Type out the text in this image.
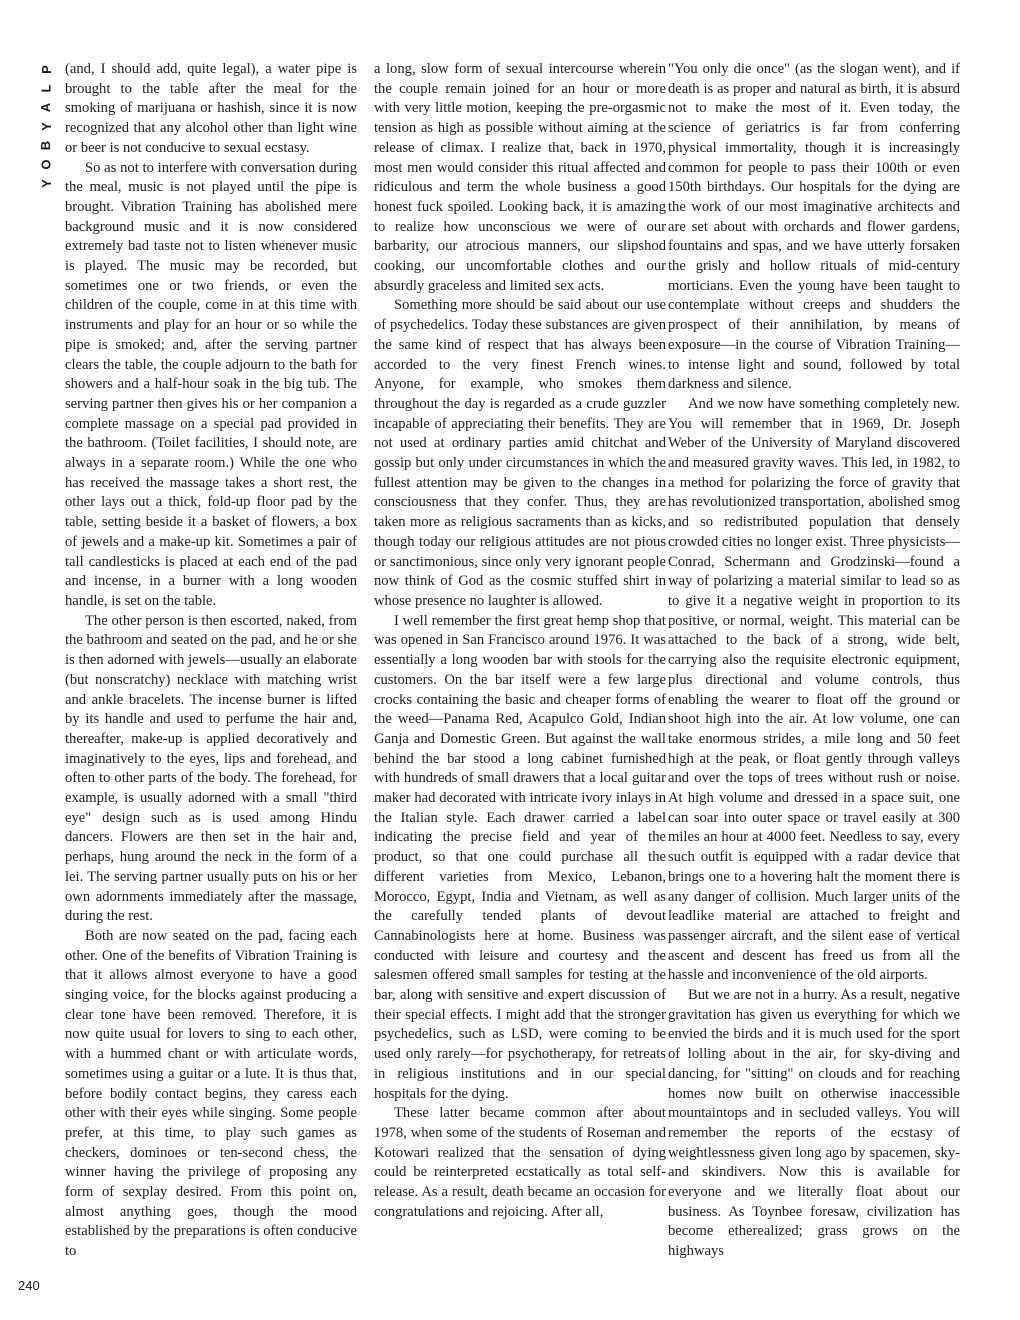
P
L
A
Y
B
O
Y

(and, I should add, quite legal), a water pipe is brought to the table after the meal for the smoking of marijuana or hashish, since it is now recognized that any alcohol other than light wine or beer is not conducive to sexual ecstasy.

So as not to interfere with conversation during the meal, music is not played until the pipe is brought. Vibration Training has abolished mere background music and it is now considered extremely bad taste not to listen whenever music is played. The music may be recorded, but sometimes one or two friends, or even the children of the couple, come in at this time with instruments and play for an hour or so while the pipe is smoked; and, after the serving partner clears the table, the couple adjourn to the bath for showers and a half-hour soak in the big tub. The serving partner then gives his or her companion a complete massage on a special pad provided in the bathroom. (Toilet facilities, I should note, are always in a separate room.) While the one who has received the massage takes a short rest, the other lays out a thick, fold-up floor pad by the table, setting beside it a basket of flowers, a box of jewels and a make-up kit. Sometimes a pair of tall candlesticks is placed at each end of the pad and incense, in a burner with a long wooden handle, is set on the table.

The other person is then escorted, naked, from the bathroom and seated on the pad, and he or she is then adorned with jewels—usually an elaborate (but nonscratchy) necklace with matching wrist and ankle bracelets. The incense burner is lifted by its handle and used to perfume the hair and, thereafter, make-up is applied decoratively and imaginatively to the eyes, lips and forehead, and often to other parts of the body. The forehead, for example, is usually adorned with a small "third eye" design such as is used among Hindu dancers. Flowers are then set in the hair and, perhaps, hung around the neck in the form of a lei. The serving partner usually puts on his or her own adornments immediately after the massage, during the rest.

Both are now seated on the pad, facing each other. One of the benefits of Vibration Training is that it allows almost everyone to have a good singing voice, for the blocks against producing a clear tone have been removed. Therefore, it is now quite usual for lovers to sing to each other, with a hummed chant or with articulate words, sometimes using a guitar or a lute. It is thus that, before bodily contact begins, they caress each other with their eyes while singing. Some people prefer, at this time, to play such games as checkers, dominoes or ten-second chess, the winner having the privilege of proposing any form of sexplay desired. From this point on, almost anything goes, though the mood established by the preparations is often conducive to

a long, slow form of sexual intercourse wherein the couple remain joined for an hour or more with very little motion, keeping the pre-orgasmic tension as high as possible without aiming at the release of climax. I realize that, back in 1970, most men would consider this ritual affected and ridiculous and term the whole business a good honest fuck spoiled. Looking back, it is amazing to realize how unconscious we were of our barbarity, our atrocious manners, our slipshod cooking, our uncomfortable clothes and our absurdly graceless and limited sex acts.

Something more should be said about our use of psychedelics. Today these substances are given the same kind of respect that has always been accorded to the very finest French wines. Anyone, for example, who smokes them throughout the day is regarded as a crude guzzler incapable of appreciating their benefits. They are not used at ordinary parties amid chitchat and gossip but only under circumstances in which the fullest attention may be given to the changes in consciousness that they confer. Thus, they are taken more as religious sacraments than as kicks, though today our religious attitudes are not pious or sanctimonious, since only very ignorant people now think of God as the cosmic stuffed shirt in whose presence no laughter is allowed.

I well remember the first great hemp shop that was opened in San Francisco around 1976. It was essentially a long wooden bar with stools for the customers. On the bar itself were a few large crocks containing the basic and cheaper forms of the weed—Panama Red, Acapulco Gold, Indian Ganja and Domestic Green. But against the wall behind the bar stood a long cabinet furnished with hundreds of small drawers that a local guitar maker had decorated with intricate ivory inlays in the Italian style. Each drawer carried a label indicating the precise field and year of the product, so that one could purchase all the different varieties from Mexico, Lebanon, Morocco, Egypt, India and Vietnam, as well as the carefully tended plants of devout Cannabinologists here at home. Business was conducted with leisure and courtesy and the salesmen offered small samples for testing at the bar, along with sensitive and expert discussion of their special effects. I might add that the stronger psychedelics, such as LSD, were coming to be used only rarely—for psychotherapy, for retreats in religious institutions and in our special hospitals for the dying.

These latter became common after about 1978, when some of the students of Roseman and Kotowari realized that the sensation of dying could be reinterpreted ecstatically as total self-release. As a result, death became an occasion for congratulations and rejoicing. After all,

"You only die once" (as the slogan went), and if death is as proper and natural as birth, it is absurd not to make the most of it. Even today, the science of geriatrics is far from conferring physical immortality, though it is increasingly common for people to pass their 100th or even 150th birthdays. Our hospitals for the dying are the work of our most imaginative architects and are set about with orchards and flower gardens, fountains and spas, and we have utterly forsaken the grisly and hollow rituals of mid-century morticians. Even the young have been taught to contemplate without creeps and shudders the prospect of their annihilation, by means of exposure—in the course of Vibration Training—to intense light and sound, followed by total darkness and silence.

And we now have something completely new. You will remember that in 1969, Dr. Joseph Weber of the University of Maryland discovered and measured gravity waves. This led, in 1982, to a method for polarizing the force of gravity that has revolutionized transportation, abolished smog and so redistributed population that densely crowded cities no longer exist. Three physicists—Conrad, Schermann and Grodzinski—found a way of polarizing a material similar to lead so as to give it a negative weight in proportion to its positive, or normal, weight. This material can be attached to the back of a strong, wide belt, carrying also the requisite electronic equipment, plus directional and volume controls, thus enabling the wearer to float off the ground or shoot high into the air. At low volume, one can take enormous strides, a mile long and 50 feet high at the peak, or float gently through valleys and over the tops of trees without rush or noise. At high volume and dressed in a space suit, one can soar into outer space or travel easily at 300 miles an hour at 4000 feet. Needless to say, every such outfit is equipped with a radar device that brings one to a hovering halt the moment there is any danger of collision. Much larger units of the leadlike material are attached to freight and passenger aircraft, and the silent ease of vertical ascent and descent has freed us from all the hassle and inconvenience of the old airports.

But we are not in a hurry. As a result, negative gravitation has given us everything for which we envied the birds and it is much used for the sport of lolling about in the air, for sky-diving and dancing, for "sitting" on clouds and for reaching homes now built on otherwise inaccessible mountaintops and in secluded valleys. You will remember the reports of the ecstasy of weightlessness given long ago by spacemen, sky- and skindivers. Now this is available for everyone and we literally float about our business. As Toynbee foresaw, civilization has become etherealized; grass grows on the highways

240
